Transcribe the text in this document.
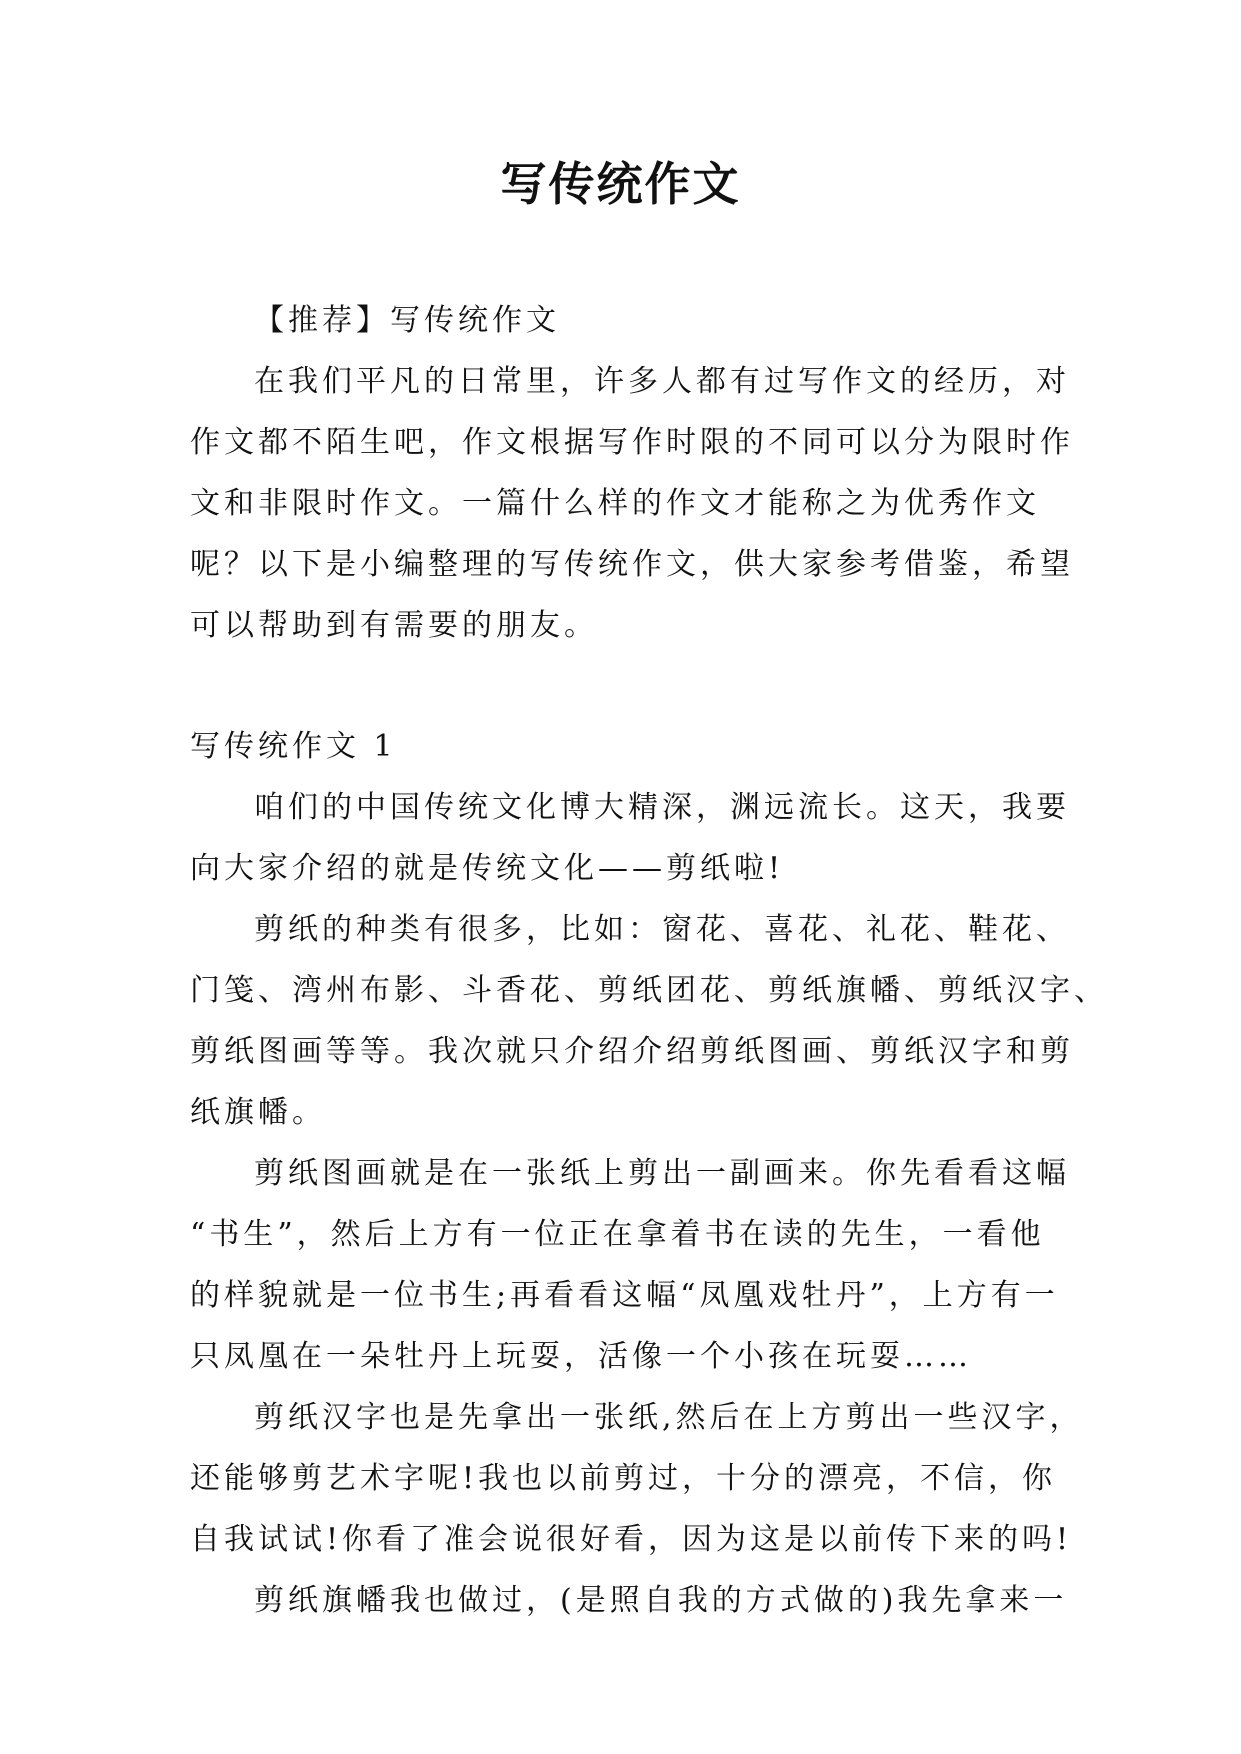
写传统作文

【推荐】写传统作文

在我们平凡的日常里，许多人都有过写作文的经历，对
作文都不陌生吧，作文根据写作时限的不同可以分为限时作
文和非限时作文。一篇什么样的作文才能称之为优秀作文
呢？以下是小编整理的写传统作文，供大家参考借鉴，希望
可以帮助到有需要的朋友。

写传统作文 1

咱们的中国传统文化博大精深，渊远流长。这天，我要
向大家介绍的就是传统文化——剪纸啦!

剪纸的种类有很多，比如：窗花、喜花、礼花、鞋花、
门笺、湾州布影、斗香花、剪纸团花、剪纸旗幡、剪纸汉字、
剪纸图画等等。我次就只介绍介绍剪纸图画、剪纸汉字和剪
纸旗幡。

剪纸图画就是在一张纸上剪出一副画来。你先看看这幅
“书生”，然后上方有一位正在拿着书在读的先生，一看他
的样貌就是一位书生;再看看这幅“凤凰戏牡丹”，上方有一
只凤凰在一朵牡丹上玩耍，活像一个小孩在玩耍……

剪纸汉字也是先拿出一张纸,然后在上方剪出一些汉字，
还能够剪艺术字呢!我也以前剪过，十分的漂亮，不信，你
自我试试!你看了准会说很好看，因为这是以前传下来的吗!

剪纸旗幡我也做过，(是照自我的方式做的)我先拿来一
